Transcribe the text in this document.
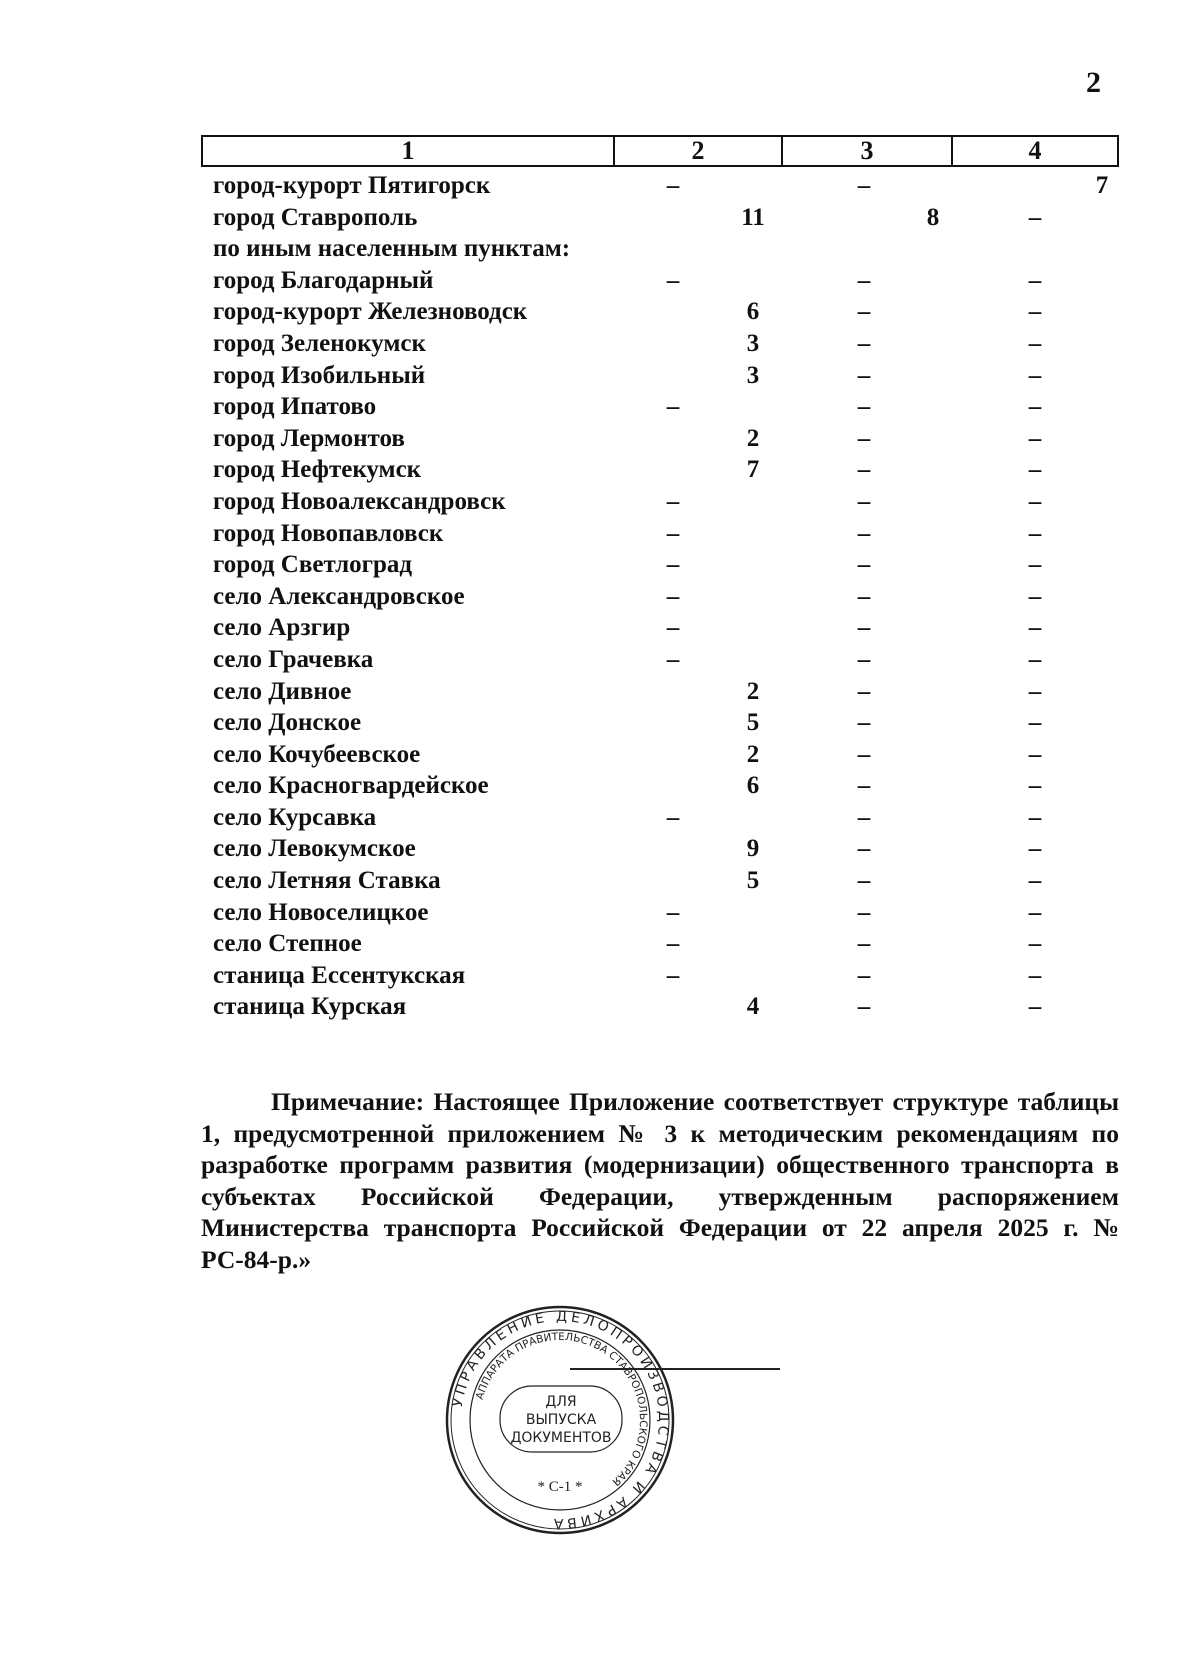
2
1	2	3	4
город-курорт Пятигорск	–	–	7
город Ставрополь	11	8	–
по иным населенным пунктам:
город Благодарный	–	–	–
город-курорт Железноводск	6	–	–
город Зеленокумск	3	–	–
город Изобильный	3	–	–
город Ипатово	–	–	–
город Лермонтов	2	–	–
город Нефтекумск	7	–	–
город Новоалександровск	–	–	–
город Новопавловск	–	–	–
город Светлоград	–	–	–
село Александровское	–	–	–
село Арзгир	–	–	–
село Грачевка	–	–	–
село Дивное	2	–	–
село Донское	5	–	–
село Кочубеевское	2	–	–
село Красногвардейское	6	–	–
село Курсавка	–	–	–
село Левокумское	9	–	–
село Летняя Ставка	5	–	–
село Новоселицкое	–	–	–
село Степное	–	–	–
станица Ессентукская	–	–	–
станица Курская	4	–	–
Примечание: Настоящее Приложение соответствует структуре таблицы 1, предусмотренной приложением № 3 к методическим рекомендациям по разработке программ развития (модернизации) общественного транспорта в субъектах Российской Федерации, утвержденным распоряжением Министерства транспорта Российской Федерации от 22 апреля 2025 г. № РС-84-р.»
УПРАВЛЕНИЕ ДЕЛОПРОИЗВОДСТВА И АРХИВА
АППАРАТА ПРАВИТЕЛЬСТВА СТАВРОПОЛЬСКОГО КРАЯ
ДЛЯ
ВЫПУСКА
ДОКУМЕНТОВ
* С-1 *
